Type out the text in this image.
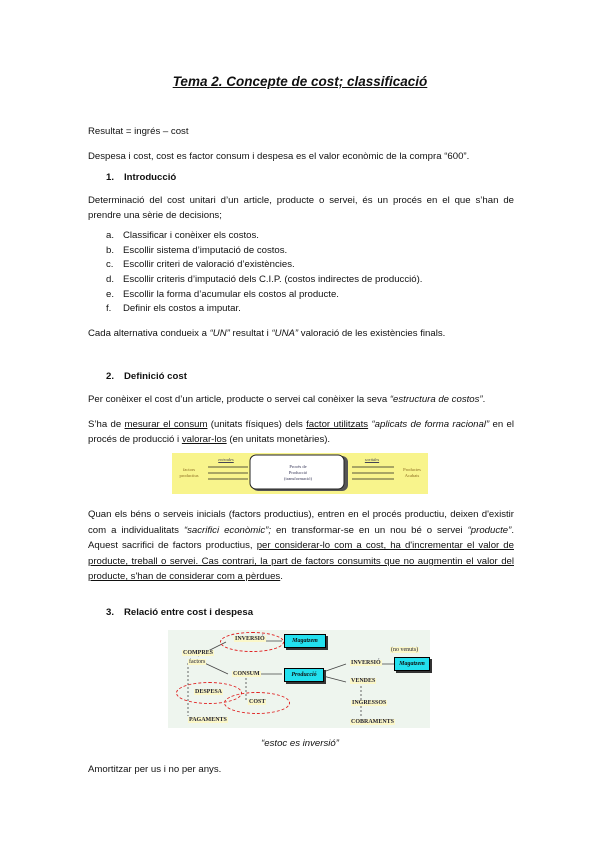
Tema 2. Concepte de cost; classificació
Resultat = ingrés – cost
Despesa i cost, cost es factor consum i despesa es el valor econòmic de la compra “600”.
1. Introducció
Determinació del cost unitari d’un article, producte o servei, és un procés en el que s’han de prendre una sèrie de decisions;
a. Classificar i conèixer els costos.
b. Escollir sistema d’imputació de costos.
c. Escollir criteri de valoració d’existències.
d. Escollir criteris d’imputació dels C.I.P. (costos indirectes de producció).
e. Escollir la forma d’acumular els costos al producte.
f. Definir els costos a imputar.
Cada alternativa condueix a “UN” resultat i “UNA” valoració de les existències finals.
2. Definició cost
Per conèixer el cost d’un article, producte o servei cal conèixer la seva “estructura de costos”.
S’ha de mesurar el consum (unitats físiques) dels factor utilitzats “aplicats de forma racional” en el procés de producció i valorar-los (en unitats monetàries).
factors productius
entrades
Procés de
Producció
(transformació)
sortides
Productes Acabats
Quan els béns o serveis inicials (factors productius), entren en el procés productiu, deixen d'existir com a individualitats “sacrifici econòmic”; en transformar-se en un nou bé o servei “producte”. Aquest sacrifici de factors productius, per considerar-lo com a cost, ha d'incrementar el valor de producte, treball o servei. Cas contrari, la part de factors consumits que no augmentin el valor del producte, s'han de considerar com a pèrdues.
3. Relació entre cost i despesa
COMPRES
factors
INVERSIÓ	Magatzem
CONSUM	Producció
DESPESA
COST
PAGAMENTS
(no venuts)
INVERSIÓ	Magatzem
VENDES
INGRESSOS
COBRAMENTS
“estoc es inversió”
Amortitzar per us i no per anys.
